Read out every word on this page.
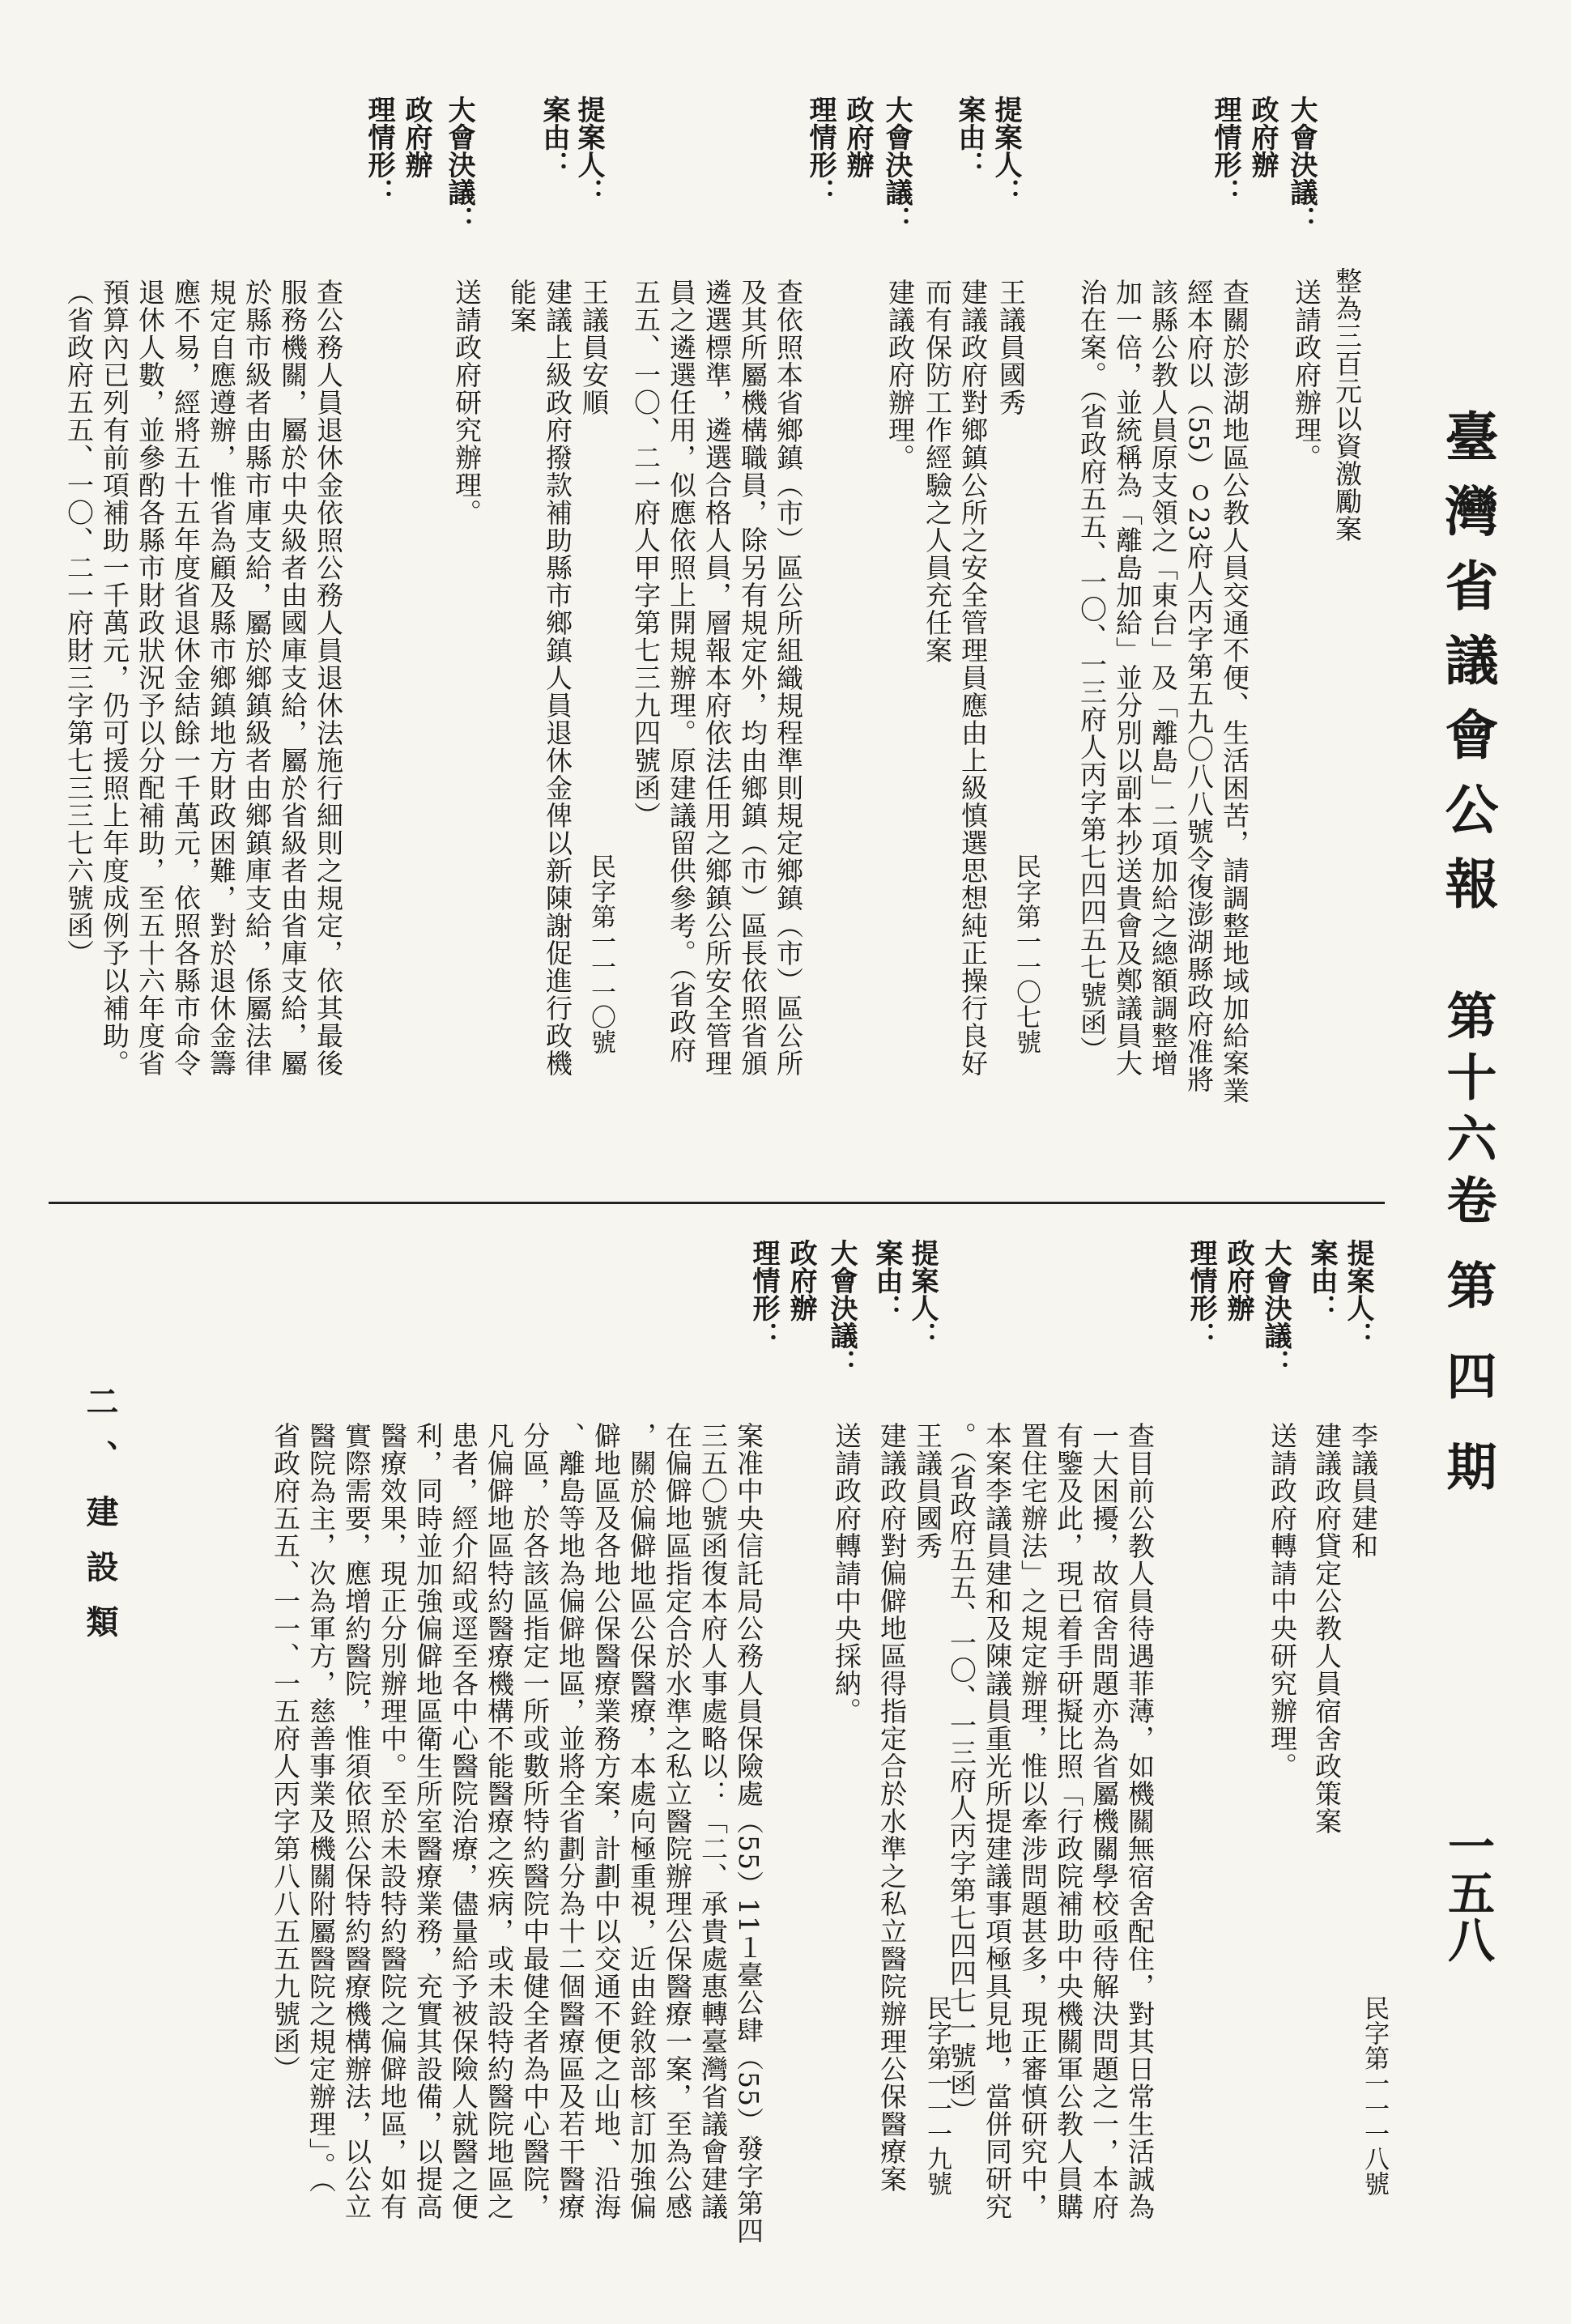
臺灣省議會公報
第十六卷
第四期
一五八
整為三百元以資激勵案
大會決議：
政府辦
理情形：
送請政府辦理。
查關於澎湖地區公教人員交通不便、生活困苦，請調整地域加給案業
經本府以（55）ｏ23府人丙字第五九〇八八號令復澎湖縣政府准將
該縣公教人員原支領之「東台」及「離島」二項加給之總額調整增
加一倍，並統稱為「離島加給」並分別以副本抄送貴會及鄭議員大
治在案。（省政府五五、一〇、一三府人丙字第七四四五七號函）
民字第一一〇七號
提案人：
王議員國秀
案由：
建議政府對鄉鎮公所之安全管理員應由上級慎選思想純正操行良好
而有保防工作經驗之人員充任案
大會決議：
建議政府辦理。
政府辦
理情形：
查依照本省鄉鎮（市）區公所組織規程準則規定鄉鎮（市）區公所
及其所屬機構職員，除另有規定外，均由鄉鎮（市）區長依照省頒
遴選標準，遴選合格人員，層報本府依法任用之鄉鎮公所安全管理
員之遴選任用，似應依照上開規辦理。原建議留供參考。（省政府
五五、一〇、二一府人甲字第七三九四號函）
民字第一一一〇號
提案人：
王議員安順
案由：
建議上級政府撥款補助縣市鄉鎮人員退休金俾以新陳謝促進行政機
能案
大會決議：
送請政府研究辦理。
政府辦
理情形：
查公務人員退休金依照公務人員退休法施行細則之規定，依其最後
服務機關，屬於中央級者由國庫支給，屬於省級者由省庫支給，屬
於縣市級者由縣市庫支給，屬於鄉鎮級者由鄉鎮庫支給，係屬法律
規定自應遵辦，惟省為顧及縣市鄉鎮地方財政困難，對於退休金籌
應不易，經將五十五年度省退休金結餘一千萬元，依照各縣市命令
退休人數，並參酌各縣市財政狀況予以分配補助，至五十六年度省
預算內已列有前項補助一千萬元，仍可援照上年度成例予以補助。
（省政府五五、一〇、二一府財三字第七三三七六號函）
民字第一一一八號
提案人：
李議員建和
案由：
建議政府貸定公教人員宿舍政策案
大會決議：
送請政府轉請中央研究辦理。
政府辦
理情形：
查目前公教人員待遇菲薄，如機關無宿舍配住，對其日常生活誠為
一大困擾，故宿舍問題亦為省屬機關學校亟待解決問題之一，本府
有鑒及此，現已着手研擬比照「行政院補助中央機關軍公教人員購
置住宅辦法」之規定辦理，惟以牽涉問題甚多，現正審慎研究中，
本案李議員建和及陳議員重光所提建議事項極具見地，當併同研究
。（省政府五五、一〇、一三府人丙字第七四四七一號函）
民字第一一一九號
提案人：
王議員國秀
案由：
建議政府對偏僻地區得指定合於水準之私立醫院辦理公保醫療案
大會決議：
送請政府轉請中央採納。
政府辦
理情形：
案准中央信託局公務人員保險處（55）11１臺公肆（55）發字第四
三五〇號函復本府人事處略以：「二、承貴處惠轉臺灣省議會建議
在偏僻地區指定合於水準之私立醫院辦理公保醫療一案，至為公感
，關於偏僻地區公保醫療，本處向極重視，近由銓敘部核訂加強偏
僻地區及各地公保醫療業務方案，計劃中以交通不便之山地、沿海
、離島等地為偏僻地區，並將全省劃分為十二個醫療區及若干醫療
分區，於各該區指定一所或數所特約醫院中最健全者為中心醫院，
凡偏僻地區特約醫療機構不能醫療之疾病，或未設特約醫院地區之
患者，經介紹或逕至各中心醫院治療，儘量給予被保險人就醫之便
利，同時並加強偏僻地區衛生所室醫療業務，充實其設備，以提高
醫療效果，現正分別辦理中。至於未設特約醫院之偏僻地區，如有
實際需要，應增約醫院，惟須依照公保特約醫療機構辦法，以公立
醫院為主，次為軍方，慈善事業及機關附屬醫院之規定辦理」。（
省政府五五、一一、一五府人丙字第八八五五九號函）
二、建設類
